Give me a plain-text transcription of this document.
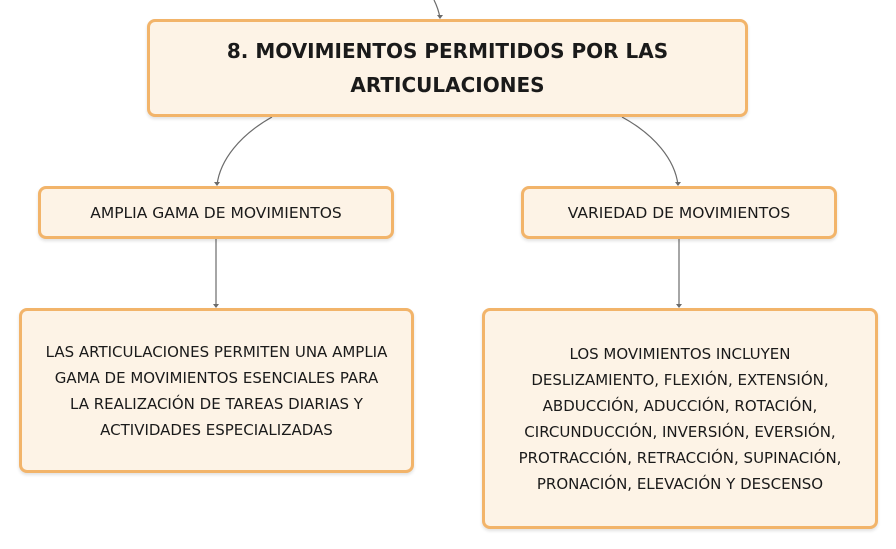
8. MOVIMIENTOS PERMITIDOS POR LAS
ARTICULACIONES
AMPLIA GAMA DE MOVIMIENTOS	VARIEDAD DE MOVIMIENTOS
LAS ARTICULACIONES PERMITEN UNA AMPLIA
GAMA DE MOVIMIENTOS ESENCIALES PARA
LA REALIZACIÓN DE TAREAS DIARIAS Y
ACTIVIDADES ESPECIALIZADAS
LOS MOVIMIENTOS INCLUYEN
DESLIZAMIENTO, FLEXIÓN, EXTENSIÓN,
ABDUCCIÓN, ADUCCIÓN, ROTACIÓN,
CIRCUNDUCCIÓN, INVERSIÓN, EVERSIÓN,
PROTRACCIÓN, RETRACCIÓN, SUPINACIÓN,
PRONACIÓN, ELEVACIÓN Y DESCENSO
